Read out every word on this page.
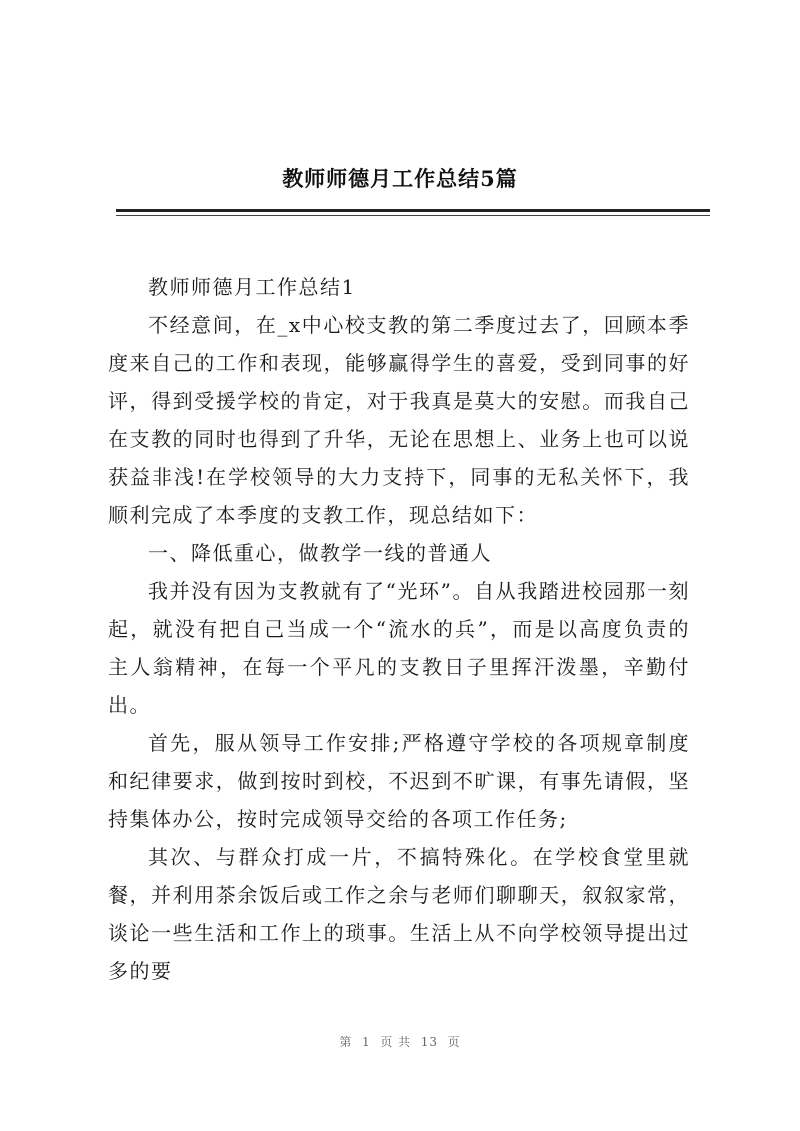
教师师德月工作总结5篇

教师师德月工作总结1

不经意间，在_x中心校支教的第二季度过去了，回顾本季度来自己的工作和表现，能够赢得学生的喜爱，受到同事的好评，得到受援学校的肯定，对于我真是莫大的安慰。而我自己在支教的同时也得到了升华，无论在思想上、业务上也可以说获益非浅!在学校领导的大力支持下，同事的无私关怀下，我顺利完成了本季度的支教工作，现总结如下：

一、降低重心，做教学一线的普通人

我并没有因为支教就有了“光环”。自从我踏进校园那一刻起，就没有把自己当成一个“流水的兵”，而是以高度负责的主人翁精神，在每一个平凡的支教日子里挥汗泼墨，辛勤付出。

首先，服从领导工作安排;严格遵守学校的各项规章制度和纪律要求，做到按时到校，不迟到不旷课，有事先请假，坚持集体办公，按时完成领导交给的各项工作任务;

其次、与群众打成一片，不搞特殊化。在学校食堂里就餐，并利用茶余饭后或工作之余与老师们聊聊天，叙叙家常，谈论一些生活和工作上的琐事。生活上从不向学校领导提出过多的要

第  1  页 共  13  页
